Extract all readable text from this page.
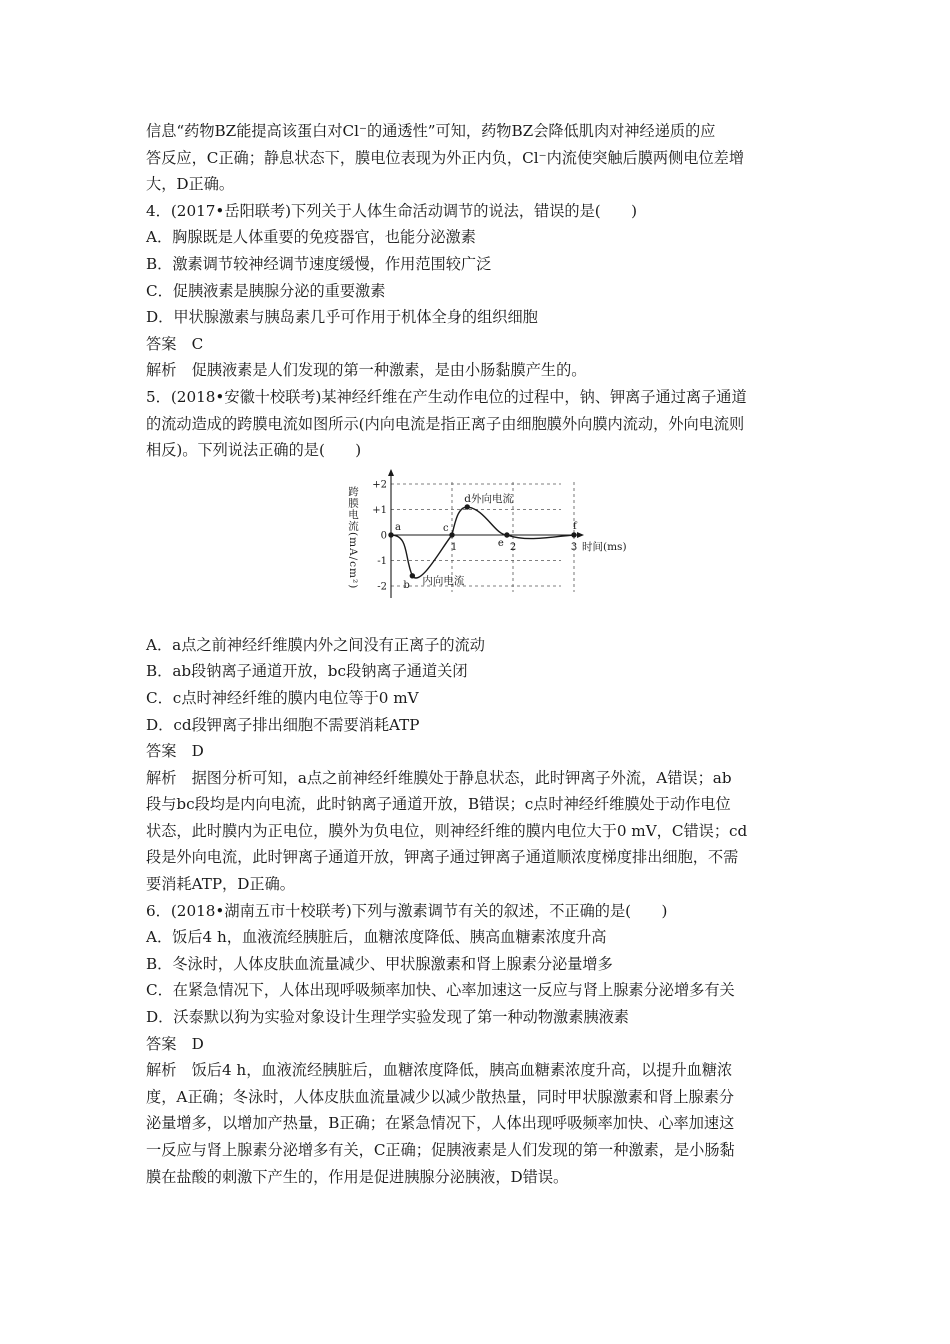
信息“药物BZ能提高该蛋白对Cl⁻的通透性”可知，药物BZ会降低肌肉对神经递质的应
答反应，C正确；静息状态下，膜电位表现为外正内负，Cl⁻内流使突触后膜两侧电位差增
大，D正确。
4．(2017•岳阳联考)下列关于人体生命活动调节的说法，错误的是(　　)
A．胸腺既是人体重要的免疫器官，也能分泌激素
B．激素调节较神经调节速度缓慢，作用范围较广泛
C．促胰液素是胰腺分泌的重要激素
D．甲状腺激素与胰岛素几乎可作用于机体全身的组织细胞
答案　C
解析　促胰液素是人们发现的第一种激素，是由小肠黏膜产生的。
5．(2018•安徽十校联考)某神经纤维在产生动作电位的过程中，钠、钾离子通过离子通道
的流动造成的跨膜电流如图所示(内向电流是指正离子由细胞膜外向膜内流动，外向电流则
相反)。下列说法正确的是(　　)
跨膜电流(mA/cm²)
+2
+1
0
-1
-2
1	2	3
a
b
c
e
f
d外向电流
内向电流
时间(ms)
A．a点之前神经纤维膜内外之间没有正离子的流动
B．ab段钠离子通道开放，bc段钠离子通道关闭
C．c点时神经纤维的膜内电位等于0 mV
D．cd段钾离子排出细胞不需要消耗ATP
答案　D
解析　据图分析可知，a点之前神经纤维膜处于静息状态，此时钾离子外流，A错误；ab
段与bc段均是内向电流，此时钠离子通道开放，B错误；c点时神经纤维膜处于动作电位
状态，此时膜内为正电位，膜外为负电位，则神经纤维的膜内电位大于0 mV，C错误；cd
段是外向电流，此时钾离子通道开放，钾离子通过钾离子通道顺浓度梯度排出细胞，不需
要消耗ATP，D正确。
6．(2018•湖南五市十校联考)下列与激素调节有关的叙述，不正确的是(　　)
A．饭后4 h，血液流经胰脏后，血糖浓度降低、胰高血糖素浓度升高
B．冬泳时，人体皮肤血流量减少、甲状腺激素和肾上腺素分泌量增多
C．在紧急情况下，人体出现呼吸频率加快、心率加速这一反应与肾上腺素分泌增多有关
D．沃泰默以狗为实验对象设计生理学实验发现了第一种动物激素胰液素
答案　D
解析　饭后4 h，血液流经胰脏后，血糖浓度降低，胰高血糖素浓度升高，以提升血糖浓
度，A正确；冬泳时，人体皮肤血流量减少以减少散热量，同时甲状腺激素和肾上腺素分
泌量增多，以增加产热量，B正确；在紧急情况下，人体出现呼吸频率加快、心率加速这
一反应与肾上腺素分泌增多有关，C正确；促胰液素是人们发现的第一种激素，是小肠黏
膜在盐酸的刺激下产生的，作用是促进胰腺分泌胰液，D错误。
